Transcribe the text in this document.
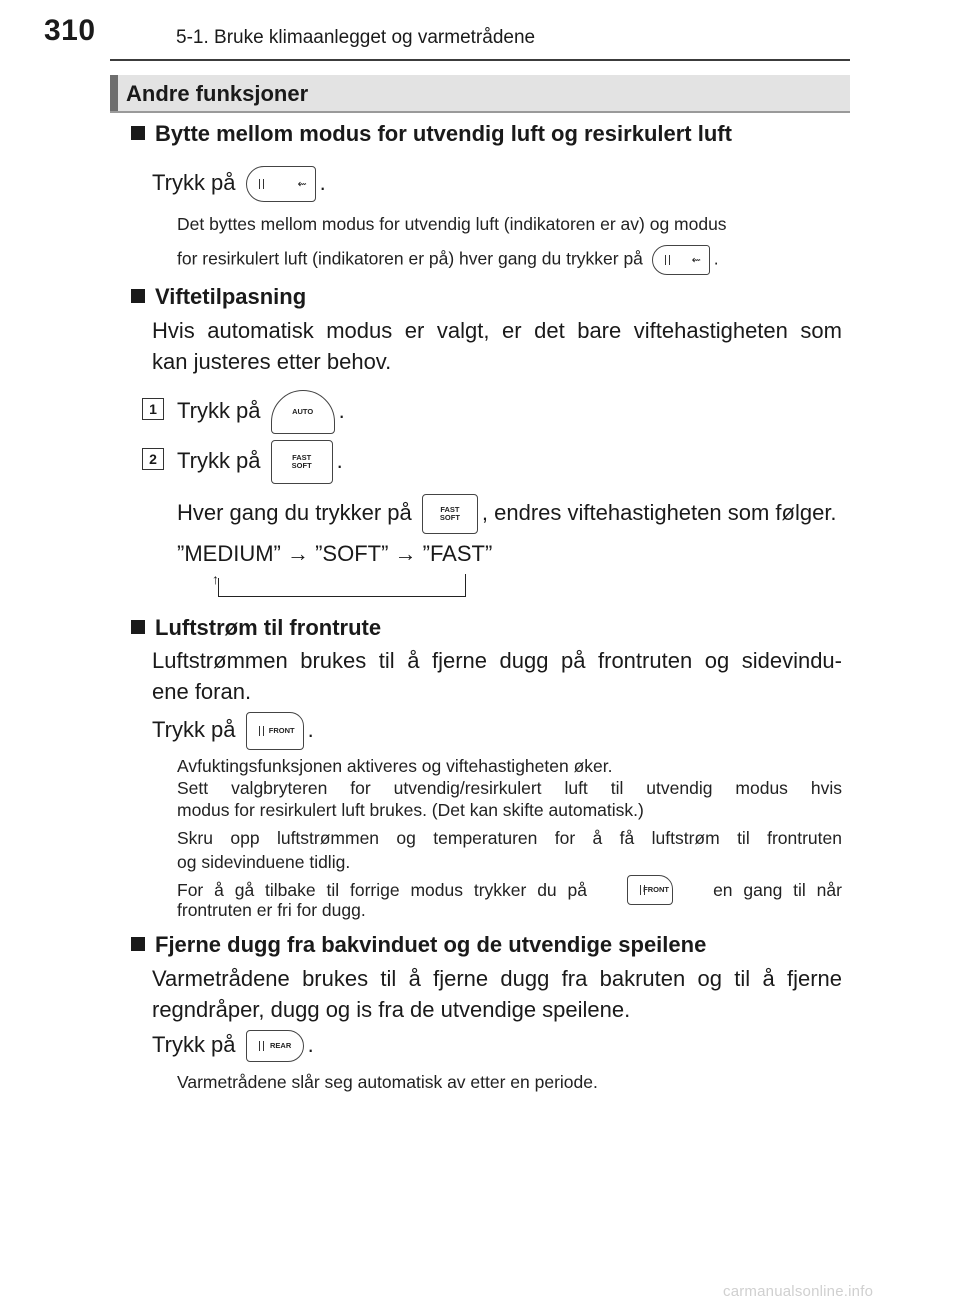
310	5-1. Bruke klimaanlegget og varmetrådene
Andre funksjoner
Bytte mellom modus for utvendig luft og resirkulert luft
Trykk på	⇜ .
Det byttes mellom modus for utvendig luft (indikatoren er av) og modus
for resirkulert luft (indikatoren er på) hver gang du trykker på	⇜ .
Viftetilpasning
Hvis automatisk modus er valgt, er det bare viftehastigheten som
kan justeres etter behov.
1 Trykk på	AUTO	.
2 Trykk på	FAST
SOFT	.
Hver gang du trykker på	FAST
SOFT	, endres viftehastigheten som følger.
”MEDIUM” → ”SOFT” → ”FAST”
↑
Luftstrøm til frontrute
Luftstrømmen brukes til å fjerne dugg på frontruten og sidevindu-
ene foran.
Trykk på	FRONT .
Avfuktingsfunksjonen aktiveres og viftehastigheten øker.
Sett valgbryteren for utvendig/resirkulert luft til utvendig modus hvis
modus for resirkulert luft brukes. (Det kan skifte automatisk.)
Skru opp luftstrømmen og temperaturen for å få luftstrøm til frontruten
og sidevinduene tidlig.
For å gå tilbake til forrige modus trykker du på	FRONT	en gang til når
frontruten er fri for dugg.
Fjerne dugg fra bakvinduet og de utvendige speilene
Varmetrådene brukes til å fjerne dugg fra bakruten og til å fjerne
regndråper, dugg og is fra de utvendige speilene.
Trykk på	REAR .
Varmetrådene slår seg automatisk av etter en periode.
carmanualsonline.info
